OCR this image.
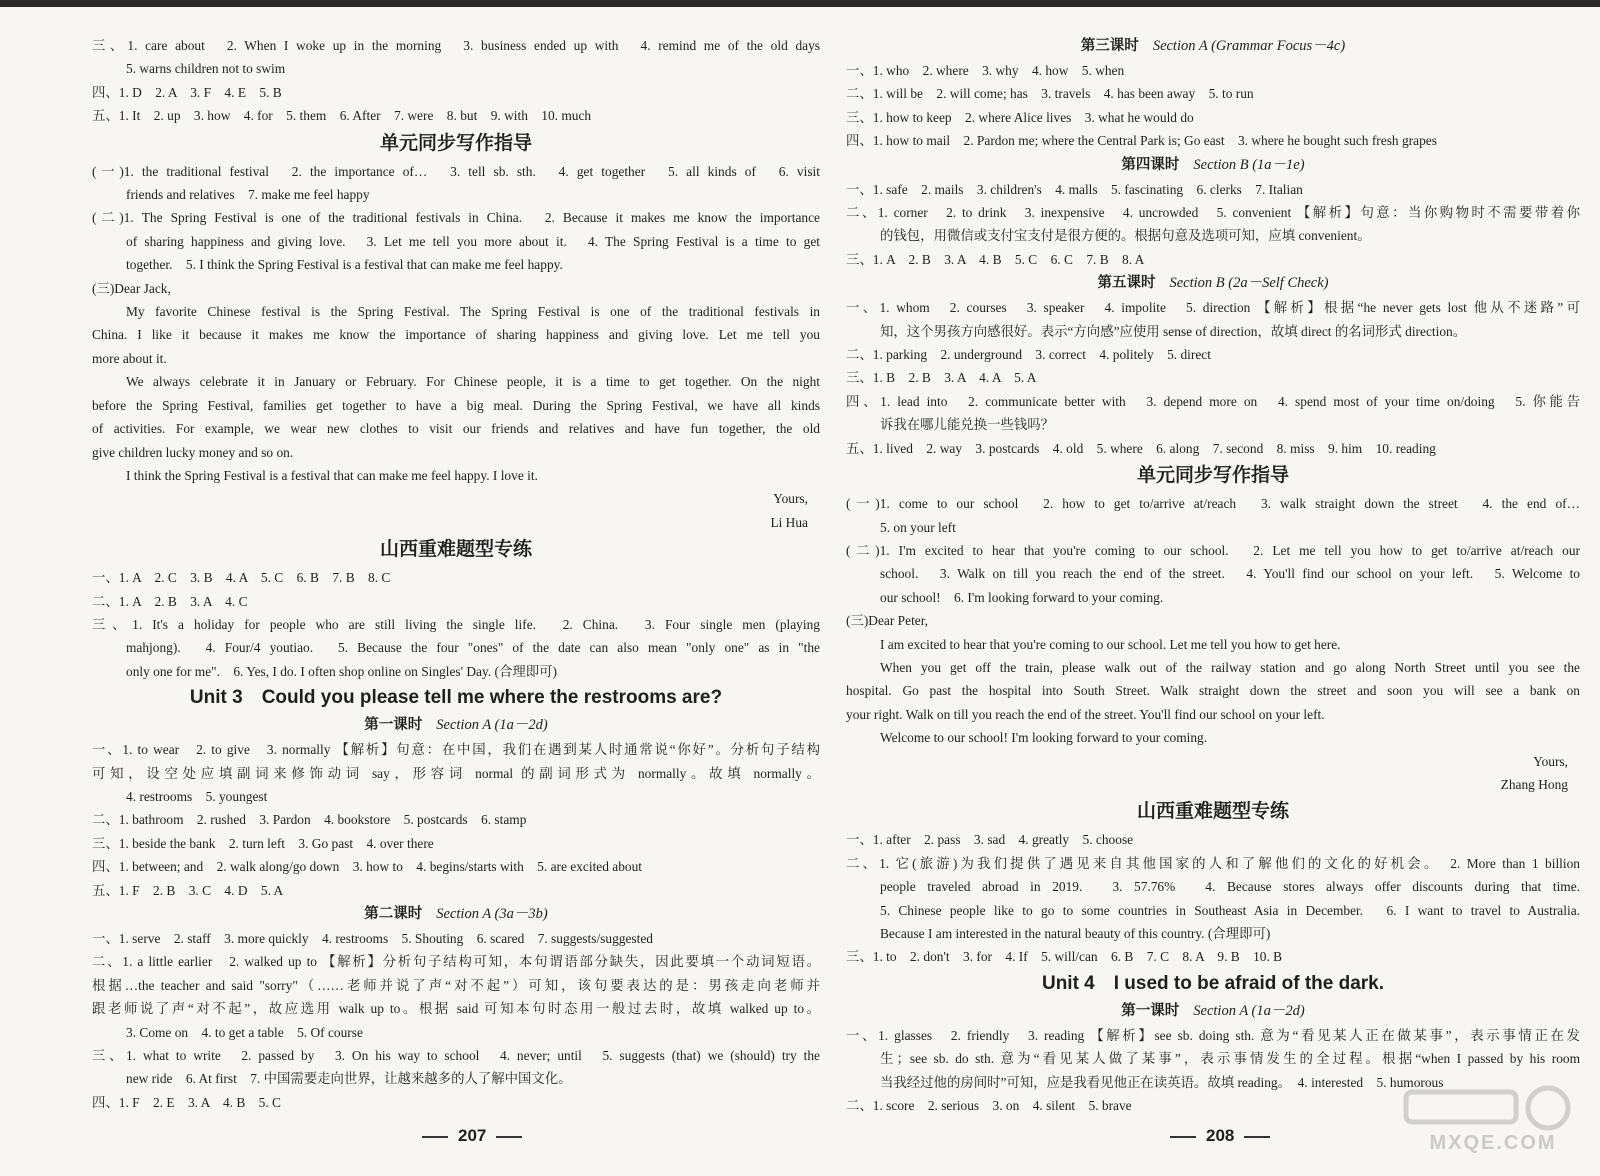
三、1. care about　2. When I woke up in the morning　3. business ended up with　4. remind me of the old days

5. warns children not to swim

四、1. D　2. A　3. F　4. E　5. B

五、1. It　2. up　3. how　4. for　5. them　6. After　7. were　8. but　9. with　10. much

单元同步写作指导

(一)1. the traditional festival　2. the importance of…　3. tell sb. sth.　4. get together　5. all kinds of　6. visit

friends and relatives　7. make me feel happy

(二)1. The Spring Festival is one of the traditional festivals in China.　2. Because it makes me know the importance

of sharing happiness and giving love.　3. Let me tell you more about it.　4. The Spring Festival is a time to get

together.　5. I think the Spring Festival is a festival that can make me feel happy.

(三)Dear Jack,

My favorite Chinese festival is the Spring Festival. The Spring Festival is one of the traditional festivals in

China. I like it because it makes me know the importance of sharing happiness and giving love. Let me tell you

more about it.

We always celebrate it in January or February. For Chinese people, it is a time to get together. On the night

before the Spring Festival, families get together to have a big meal. During the Spring Festival, we have all kinds

of activities. For example, we wear new clothes to visit our friends and relatives and have fun together, the old

give children lucky money and so on.

I think the Spring Festival is a festival that can make me feel happy. I love it.

Yours,

Li Hua

山西重难题型专练

一、1. A　2. C　3. B　4. A　5. C　6. B　7. B　8. C

二、1. A　2. B　3. A　4. C

三、1. It's a holiday for people who are still living the single life.　2. China.　3. Four single men (playing

mahjong).　4. Four/4 youtiao.　5. Because the four "ones" of the date can also mean "only one" as in "the

only one for me".　6. Yes, I do. I often shop online on Singles' Day. (合理即可)

Unit 3　Could you please tell me where the restrooms are?
第一课时 Section A (1a－2d)

一、1. to wear　2. to give　3. normally 【解析】句意：在中国，我们在遇到某人时通常说“你好”。分析句子结构

可知，设空处应填副词来修饰动词 say，形容词 normal 的副词形式为 normally。故填 normally。

4. restrooms　5. youngest

二、1. bathroom　2. rushed　3. Pardon　4. bookstore　5. postcards　6. stamp

三、1. beside the bank　2. turn left　3. Go past　4. over there

四、1. between; and　2. walk along/go down　3. how to　4. begins/starts with　5. are excited about

五、1. F　2. B　3. C　4. D　5. A

第二课时 Section A (3a－3b)

一、1. serve　2. staff　3. more quickly　4. restrooms　5. Shouting　6. scared　7. suggests/suggested

二、1. a little earlier　2. walked up to 【解析】分析句子结构可知，本句谓语部分缺失，因此要填一个动词短语。

根据…the teacher and said "sorry"（……老师并说了声“对不起”）可知，该句要表达的是：男孩走向老师并

跟老师说了声“对不起”，故应选用 walk up to。根据 said 可知本句时态用一般过去时，故填 walked up to。

3. Come on　4. to get a table　5. Of course

三、1. what to write　2. passed by　3. On his way to school　4. never; until　5. suggests (that) we (should) try the

new ride　6. At first　7. 中国需要走向世界，让越来越多的人了解中国文化。

四、1. F　2. E　3. A　4. B　5. C

第三课时 Section A (Grammar Focus－4c)

一、1. who　2. where　3. why　4. how　5. when

二、1. will be　2. will come; has　3. travels　4. has been away　5. to run

三、1. how to keep　2. where Alice lives　3. what he would do

四、1. how to mail　2. Pardon me; where the Central Park is; Go east　3. where he bought such fresh grapes

第四课时 Section B (1a－1e)

一、1. safe　2. mails　3. children's　4. malls　5. fascinating　6. clerks　7. Italian

二、1. corner　2. to drink　3. inexpensive　4. uncrowded　5. convenient 【解析】句意：当你购物时不需要带着你

的钱包，用微信或支付宝支付是很方便的。根据句意及选项可知，应填 convenient。

三、1. A　2. B　3. A　4. B　5. C　6. C　7. B　8. A

第五课时 Section B (2a－Self Check)

一、1. whom　2. courses　3. speaker　4. impolite　5. direction 【解析】根据“he never gets lost 他从不迷路”可

知，这个男孩方向感很好。表示“方向感”应使用 sense of direction，故填 direct 的名词形式 direction。

二、1. parking　2. underground　3. correct　4. politely　5. direct

三、1. B　2. B　3. A　4. A　5. A

四、1. lead into　2. communicate better with　3. depend more on　4. spend most of your time on/doing　5. 你能告

诉我在哪儿能兑换一些钱吗？

五、1. lived　2. way　3. postcards　4. old　5. where　6. along　7. second　8. miss　9. him　10. reading

单元同步写作指导

(一)1. come to our school　2. how to get to/arrive at/reach　3. walk straight down the street　4. the end of…

5. on your left

(二)1. I'm excited to hear that you're coming to our school.　2. Let me tell you how to get to/arrive at/reach our

school.　3. Walk on till you reach the end of the street.　4. You'll find our school on your left.　5. Welcome to

our school!　6. I'm looking forward to your coming.

(三)Dear Peter,

I am excited to hear that you're coming to our school. Let me tell you how to get here.

When you get off the train, please walk out of the railway station and go along North Street until you see the

hospital. Go past the hospital into South Street. Walk straight down the street and soon you will see a bank on

your right. Walk on till you reach the end of the street. You'll find our school on your left.

Welcome to our school! I'm looking forward to your coming.

Yours,

Zhang Hong

山西重难题型专练

一、1. after　2. pass　3. sad　4. greatly　5. choose

二、1. 它(旅游)为我们提供了遇见来自其他国家的人和了解他们的文化的好机会。　2. More than 1 billion

people traveled abroad in 2019.　3. 57.76%　4. Because stores always offer discounts during that time.

5. Chinese people like to go to some countries in Southeast Asia in December.　6. I want to travel to Australia.

Because I am interested in the natural beauty of this country. (合理即可)

三、1. to　2. don't　3. for　4. If　5. will/can　6. B　7. C　8. A　9. B　10. B

Unit 4　I used to be afraid of the dark.
第一课时 Section A (1a－2d)

一、1. glasses　2. friendly　3. reading 【解析】see sb. doing sth. 意为“看见某人正在做某事”，表示事情正在发

生；see sb. do sth. 意为“看见某人做了某事”，表示事情发生的全过程。根据“when I passed by his room

当我经过他的房间时”可知，应是我看见他正在读英语。故填 reading。　4. interested　5. humorous

二、1. score　2. serious　3. on　4. silent　5. brave

207	208	MXQE.COM
